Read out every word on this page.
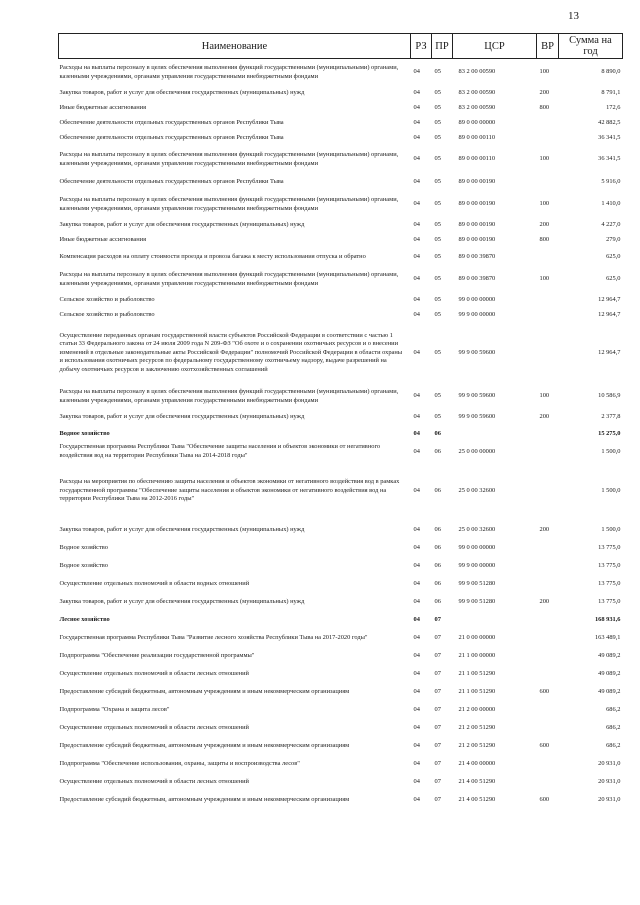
13
Наименование	РЗ	ПР	ЦСР	ВР	Сумма на год
Расходы на выплаты персоналу в целях обеспечения выполнения функций государственными (муниципальными) органами, казенными учреждениями, органами управления государственными внебюджетными фондами	04	05	83 2 00 00590	100	8 890,0
Закупка товаров, работ и услуг для обеспечения государственных (муниципальных) нужд	04	05	83 2 00 00590	200	8 791,1
Иные бюджетные ассигнования	04	05	83 2 00 00590	800	172,6
Обеспечение деятельности отдельных государственных органов Республики Тыва	04	05	89 0 00 00000		42 882,5
Обеспечение деятельности отдельных государственных органов Республики Тыва	04	05	89 0 00 00110		36 341,5
Расходы на выплаты персоналу в целях обеспечения выполнения функций государственными (муниципальными) органами, казенными учреждениями, органами управления государственными внебюджетными фондами	04	05	89 0 00 00110	100	36 341,5
Обеспечение деятельности отдельных государственных органов Республики Тыва	04	05	89 0 00 00190		5 916,0
Расходы на выплаты персоналу в целях обеспечения выполнения функций государственными (муниципальными) органами, казенными учреждениями, органами управления государственными внебюджетными фондами	04	05	89 0 00 00190	100	1 410,0
Закупка товаров, работ и услуг для обеспечения государственных (муниципальных) нужд	04	05	89 0 00 00190	200	4 227,0
Иные бюджетные ассигнования	04	05	89 0 00 00190	800	279,0
Компенсация расходов на оплату стоимости проезда и провоза багажа к месту использования отпуска и обратно	04	05	89 0 00 39870		625,0
Расходы на выплаты персоналу в целях обеспечения выполнения функций государственными (муниципальными) органами, казенными учреждениями, органами управления государственными внебюджетными фондами	04	05	89 0 00 39870	100	625,0
Сельское хозяйство и рыболовство	04	05	99 0 00 00000		12 964,7
Сельское хозяйство и рыболовство	04	05	99 9 00 00000		12 964,7
Осуществление переданных органам государственной власти субъектов Российской Федерации в соответствии с частью 1 статьи 33 Федерального закона от 24 июля 2009 года N 209-ФЗ "Об охоте и о сохранении охотничьих ресурсов и о внесении изменений в отдельные законодательные акты Российской Федерации" полномочий Российской Федерации в области охраны и использования охотничьих ресурсов по федеральному государственному охотничьему надзору, выдаче разрешений на добычу охотничьих ресурсов и заключению охотхозяйственных соглашений	04	05	99 9 00 59600		12 964,7
Расходы на выплаты персоналу в целях обеспечения выполнения функций государственными (муниципальными) органами, казенными учреждениями, органами управления государственными внебюджетными фондами	04	05	99 9 00 59600	100	10 586,9
Закупка товаров, работ и услуг для обеспечения государственных (муниципальных) нужд	04	05	99 9 00 59600	200	2 377,8
Водное хозяйство	04	06			15 275,0
Государственная программа Республики Тыва "Обеспечение защиты населения и объектов экономики от негативного воздействия вод на территории Республики Тыва на 2014-2018 годы"	04	06	25 0 00 00000		1 500,0
Расходы на мероприятия по обеспечению защиты населения и объектов экономики от негативного воздействия вод в рамках государственной программы "Обеспечение защиты населения и объектов экономики от негативного воздействия вод на территории Республики Тыва на 2012-2016 годы"	04	06	25 0 00 32600		1 500,0
Закупка товаров, работ и услуг для обеспечения государственных (муниципальных) нужд	04	06	25 0 00 32600	200	1 500,0
Водное хозяйство	04	06	99 0 00 00000		13 775,0
Водное хозяйство	04	06	99 9 00 00000		13 775,0
Осуществление отдельных полномочий в области водных отношений	04	06	99 9 00 51280		13 775,0
Закупка товаров, работ и услуг для обеспечения государственных (муниципальных) нужд	04	06	99 9 00 51280	200	13 775,0
Лесное хозяйство	04	07			168 931,6
Государственная программа Республики Тыва "Развитие лесного хозяйства Республики Тыва на 2017-2020 годы"	04	07	21 0 00 00000		163 489,1
Подпрограмма "Обеспечение реализации государственной программы"	04	07	21 1 00 00000		49 089,2
Осуществление отдельных полномочий в области лесных отношений	04	07	21 1 00 51290		49 089,2
Предоставление субсидий бюджетным, автономным учреждениям и иным некоммерческим организациям	04	07	21 1 00 51290	600	49 089,2
Подпрограмма "Охрана и защита лесов"	04	07	21 2 00 00000		686,2
Осуществление отдельных полномочий в области лесных отношений	04	07	21 2 00 51290		686,2
Предоставление субсидий бюджетным, автономным учреждениям и иным некоммерческим организациям	04	07	21 2 00 51290	600	686,2
Подпрограмма "Обеспечение использования, охраны, защиты и воспроизводства лесов"	04	07	21 4 00 00000		20 931,0
Осуществление отдельных полномочий в области лесных отношений	04	07	21 4 00 51290		20 931,0
Предоставление субсидий бюджетным, автономным учреждениям и иным некоммерческим организациям	04	07	21 4 00 51290	600	20 931,0
